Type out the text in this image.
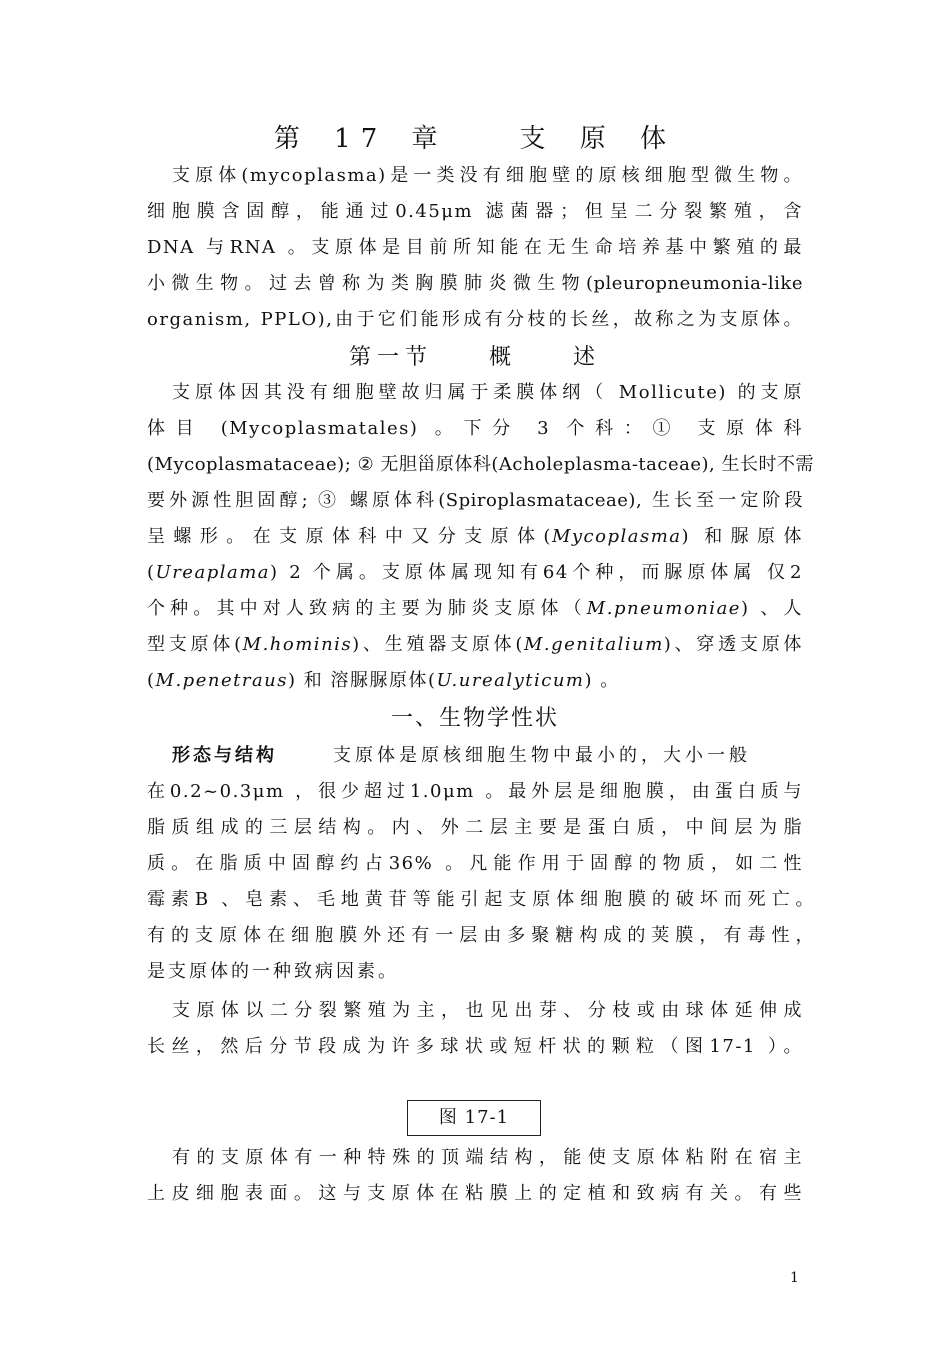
第 17 章　　支 原 体
支原体(mycoplasma)是一类没有细胞壁的原核细胞型微生物。
细胞膜含固醇，能通过0.45μm 滤菌器；但呈二分裂繁殖，含
DNA 与RNA 。支原体是目前所知能在无生命培养基中繁殖的最
小微生物。过去曾称为类胸膜肺炎微生物(pleuropneumonia-like
organism, PPLO),由于它们能形成有分枝的长丝，故称之为支原体。
第一节　　概　　述
支原体因其没有细胞壁故归属于柔膜体纲（ Mollicute) 的支原
体目 (Mycoplasmatales) 。下分 3 个科：① 支原体科
(Mycoplasmataceae); ② 无胆甾原体科(Acholeplasma-taceae), 生长时不需
要外源性胆固醇; ③ 螺原体科(Spiroplasmataceae), 生长至一定阶段
呈螺形。在支原体科中又分支原体(Mycoplasma) 和脲原体
(Ureaplama) 2 个属。支原体属现知有64个种，而脲原体属 仅2
个种。其中对人致病的主要为肺炎支原体（M.pneumoniae) 、人
型支原体(M.hominis)、生殖器支原体(M.genitalium)、穿透支原体
(M.penetraus) 和 溶脲脲原体(U.urealyticum) 。
一、生物学性状
形态与结构	支原体是原核细胞生物中最小的，大小一般
在0.2~0.3μm ，很少超过1.0μm 。最外层是细胞膜，由蛋白质与
脂质组成的三层结构。内、外二层主要是蛋白质，中间层为脂
质。在脂质中固醇约占36% 。凡能作用于固醇的物质，如二性
霉素B 、皂素、毛地黄苷等能引起支原体细胞膜的破坏而死亡。
有的支原体在细胞膜外还有一层由多聚糖构成的荚膜，有毒性，
是支原体的一种致病因素。
支原体以二分裂繁殖为主，也见出芽、分枝或由球体延伸成
长丝，然后分节段成为许多球状或短杆状的颗粒（图17-1 ）。
图 17-1
有的支原体有一种特殊的顶端结构，能使支原体粘附在宿主
上皮细胞表面。这与支原体在粘膜上的定植和致病有关。有些
1
